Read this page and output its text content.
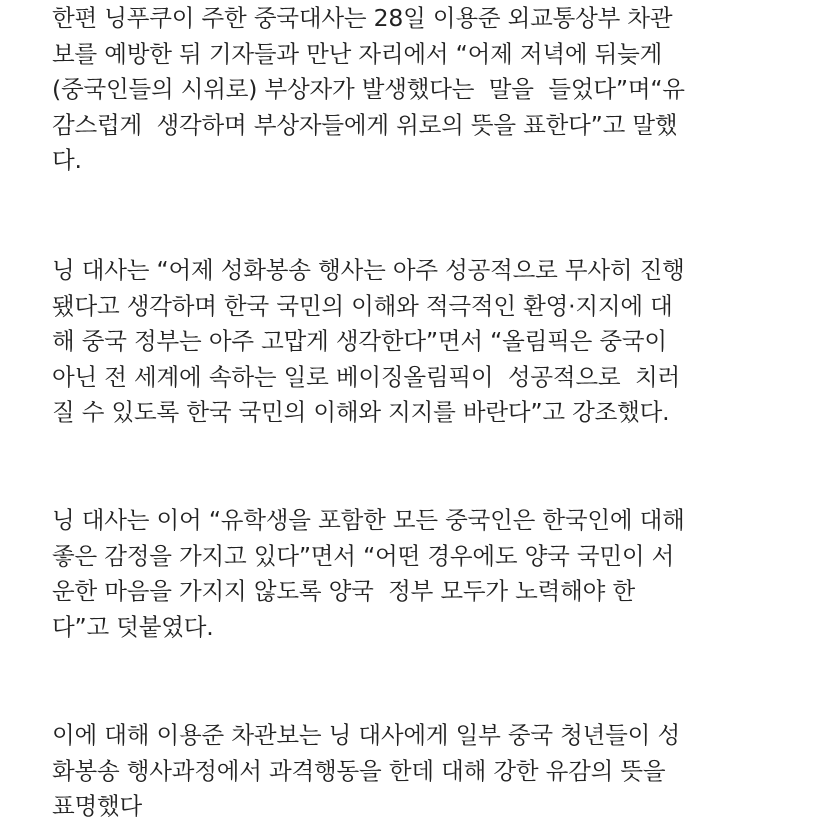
한편 닝푸쿠이 주한 중국대사는 28일 이용준 외교통상부 차관
보를 예방한 뒤 기자들과 만난 자리에서 “어제 저녁에 뒤늦게
(중국인들의 시위로) 부상자가 발생했다는  말을  들었다”며“유
감스럽게  생각하며 부상자들에게 위로의 뜻을 표한다”고 말했
다.
닝 대사는 “어제 성화봉송 행사는 아주 성공적으로 무사히 진행
됐다고 생각하며 한국 국민의 이해와 적극적인 환영·지지에 대
해 중국 정부는 아주 고맙게 생각한다”면서 “올림픽은 중국이
아닌 전 세계에 속하는 일로 베이징올림픽이  성공적으로  치러
질 수 있도록 한국 국민의 이해와 지지를 바란다”고 강조했다.
닝 대사는 이어 “유학생을 포함한 모든 중국인은 한국인에 대해
좋은 감정을 가지고 있다”면서 “어떤 경우에도 양국 국민이 서
운한 마음을 가지지 않도록 양국  정부 모두가 노력해야 한
다”고 덧붙였다.
이에 대해 이용준 차관보는 닝 대사에게 일부 중국 청년들이 성
화봉송 행사과정에서 과격행동을 한데 대해 강한 유감의 뜻을
표명했다
